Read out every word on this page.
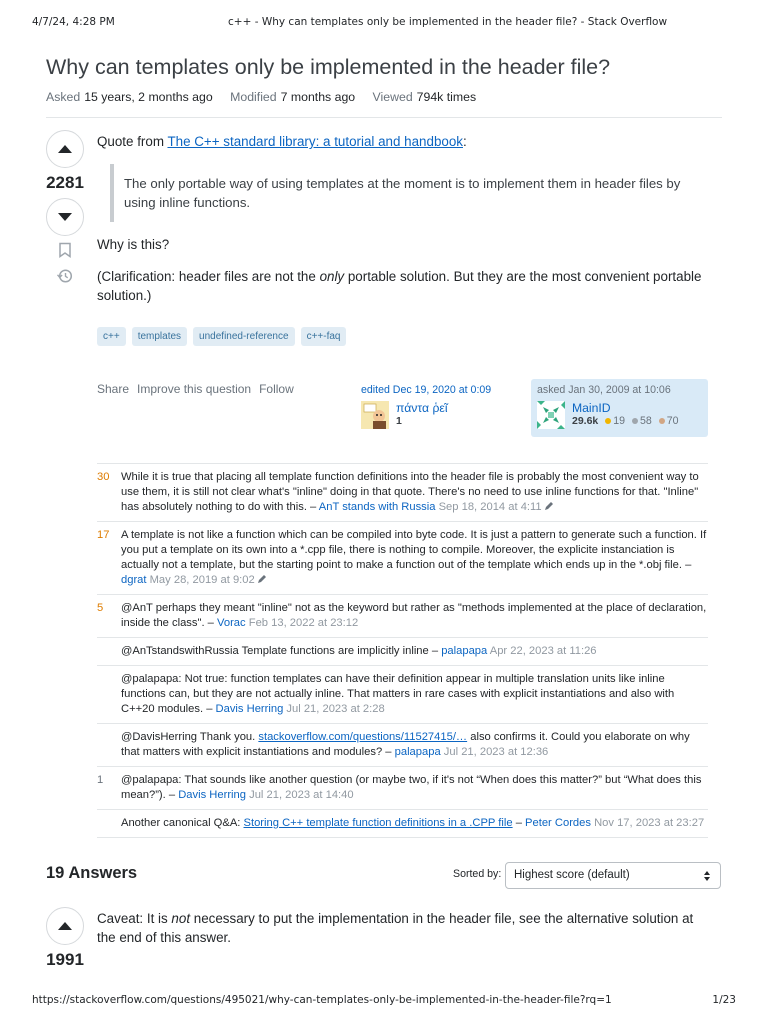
4/7/24, 4:28 PM	c++ - Why can templates only be implemented in the header file? - Stack Overflow
Why can templates only be implemented in the header file?
Asked 15 years, 2 months ago Modified 7 months ago Viewed 794k times
2281
Quote from The C++ standard library: a tutorial and handbook:
The only portable way of using templates at the moment is to implement them in header files by using inline functions.
Why is this?
(Clarification: header files are not the only portable solution. But they are the most convenient portable solution.)
c++	templates	undefined-reference	c++-faq
Share Improve this question Follow	edited Dec 19, 2020 at 0:09
πάντα ῥεῖ
1
asked Jan 30, 2009 at 10:06
MainID
29.6k 19
58
70
30	While it is true that placing all template function definitions into the header file is probably the most convenient way to use them, it is still not clear what's "inline" doing in that quote. There's no need to use inline functions for that. "Inline" has absolutely nothing to do with this. – AnT stands with Russia Sep 18, 2014 at 4:11
17	A template is not like a function which can be compiled into byte code. It is just a pattern to generate such a function. If you put a template on its own into a *.cpp file, there is nothing to compile. Moreover, the explicite instanciation is actually not a template, but the starting point to make a function out of the template which ends up in the *.obj file. – dgrat May 28, 2019 at 9:02
5	@AnT perhaps they meant "inline" not as the keyword but rather as "methods implemented at the place of declaration, inside the class". – Vorac Feb 13, 2022 at 23:12
@AnTstandswithRussia Template functions are implicitly inline – palapapa Apr 22, 2023 at 11:26
@palapapa: Not true: function templates can have their definition appear in multiple translation units like inline functions can, but they are not actually inline. That matters in rare cases with explicit instantiations and also with C++20 modules. – Davis Herring Jul 21, 2023 at 2:28
@DavisHerring Thank you. stackoverflow.com/questions/11527415/… also confirms it. Could you elaborate on why that matters with explicit instantiations and modules? – palapapa Jul 21, 2023 at 12:36
1	@palapapa: That sounds like another question (or maybe two, if it's not “When does this matter?” but “What does this mean?”). – Davis Herring Jul 21, 2023 at 14:40
Another canonical Q&A: Storing C++ template function definitions in a .CPP file – Peter Cordes Nov 17, 2023 at 23:27
19 Answers	Sorted by:	Highest score (default)
1991
Caveat: It is not necessary to put the implementation in the header file, see the alternative solution at the end of this answer.
https://stackoverflow.com/questions/495021/why-can-templates-only-be-implemented-in-the-header-file?rq=1	1/23
